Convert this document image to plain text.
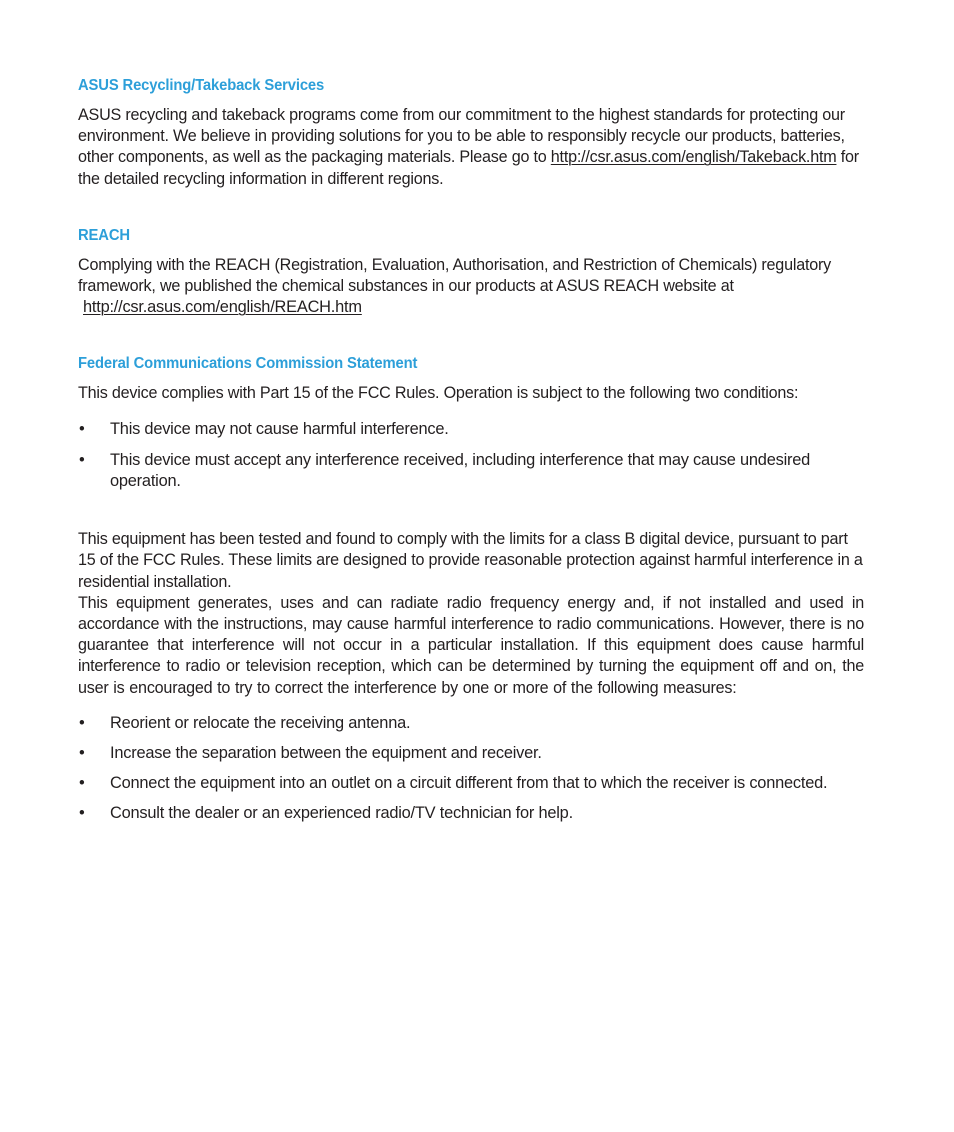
ASUS Recycling/Takeback Services

ASUS recycling and takeback programs come from our commitment to the highest standards for protecting our environment. We believe in providing solutions for you to be able to responsibly recycle our products, batteries, other components, as well as the packaging materials. Please go to http://csr.asus.com/english/Takeback.htm for the detailed recycling information in different regions.

REACH

Complying with the REACH (Registration, Evaluation, Authorisation, and Restriction of Chemicals) regulatory framework, we published the chemical substances in our products at ASUS REACH website at

http://csr.asus.com/english/REACH.htm

Federal Communications Commission Statement

This device complies with Part 15 of the FCC Rules. Operation is subject to the following two conditions:

• This device may not cause harmful interference.
• This device must accept any interference received, including interference that may cause undesired operation.

This equipment has been tested and found to comply with the limits for a class B digital device, pursuant to part 15 of the FCC Rules. These limits are designed to provide reasonable protection against harmful interference in a residential installation.

This equipment generates, uses and can radiate radio frequency energy and, if not installed and used in accordance with the instructions, may cause harmful interference to radio communications. However, there is no guarantee that interference will not occur in a particular installation. If this equipment does cause harmful interference to radio or television reception, which can be determined by turning the equipment off and on, the user is encouraged to try to correct the interference by one or more of the following measures:

• Reorient or relocate the receiving antenna.
• Increase the separation between the equipment and receiver.
• Connect the equipment into an outlet on a circuit different from that to which the receiver is connected.
• Consult the dealer or an experienced radio/TV technician for help.
